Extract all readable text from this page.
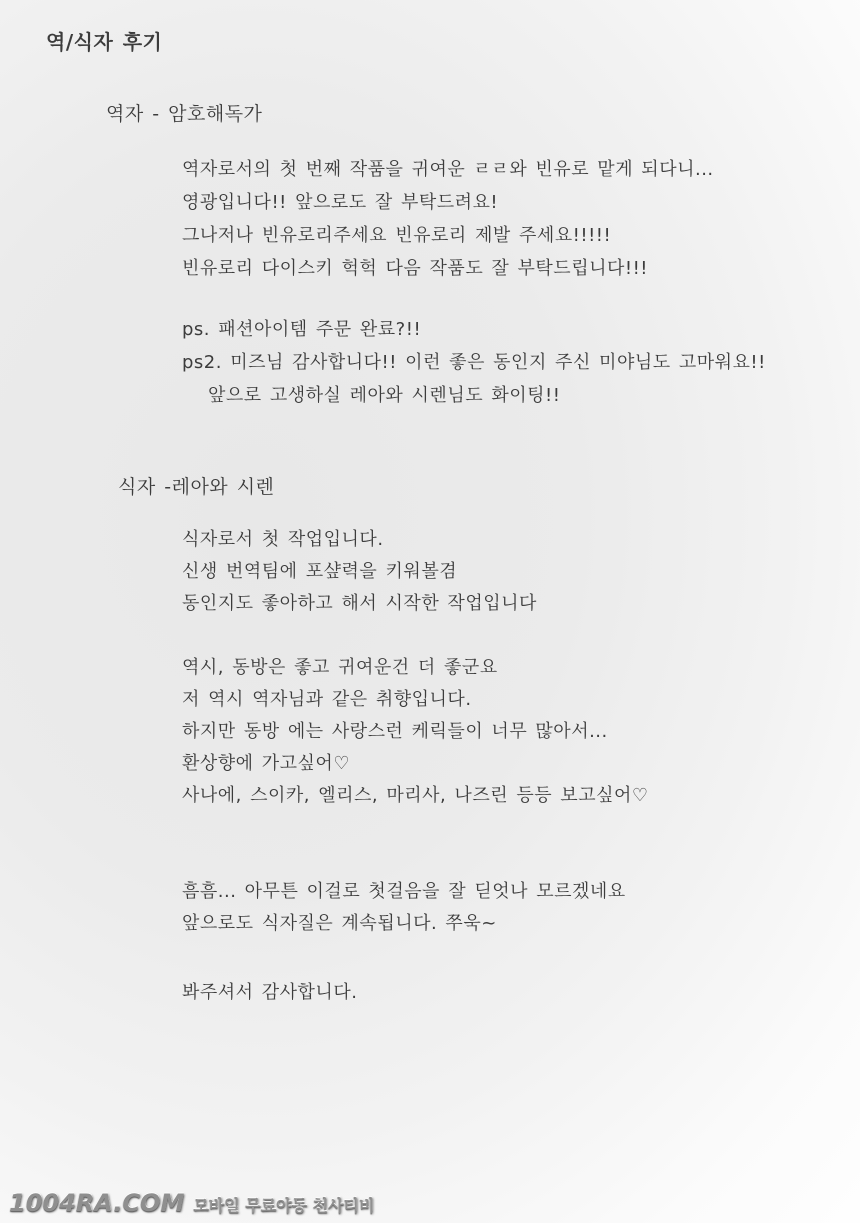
역/식자 후기
역자 - 암호해독가
역자로서의 첫 번째 작품을 귀여운 ㄹㄹ와 빈유로 맡게 되다니...
영광입니다!! 앞으로도 잘 부탁드려요!
그나저나 빈유로리주세요 빈유로리 제발 주세요!!!!!
빈유로리 다이스키 헉헉 다음 작품도 잘 부탁드립니다!!!
ps. 패션아이템 주문 완료?!!
ps2. 미즈님 감사합니다!! 이런 좋은 동인지 주신 미야님도 고마워요!!
앞으로 고생하실 레아와 시렌님도 화이팅!!
식자 -레아와 시렌
식자로서 첫 작업입니다.
신생 번역팀에 포샾력을 키워볼겸
동인지도 좋아하고 해서 시작한 작업입니다
역시, 동방은 좋고 귀여운건 더 좋군요
저 역시 역자님과 같은 취향입니다.
하지만 동방 에는 사랑스런 케릭들이 너무 많아서...
환상향에 가고싶어♡
사나에, 스이카, 엘리스, 마리사, 나즈린 등등 보고싶어♡
흠흠... 아무튼 이걸로 첫걸음을 잘 딛엇나 모르겠네요
앞으로도 식자질은 계속됩니다. 쭈욱~
봐주셔서 감사합니다.
1004RA.COM 모바일 무료야동 천사티비
